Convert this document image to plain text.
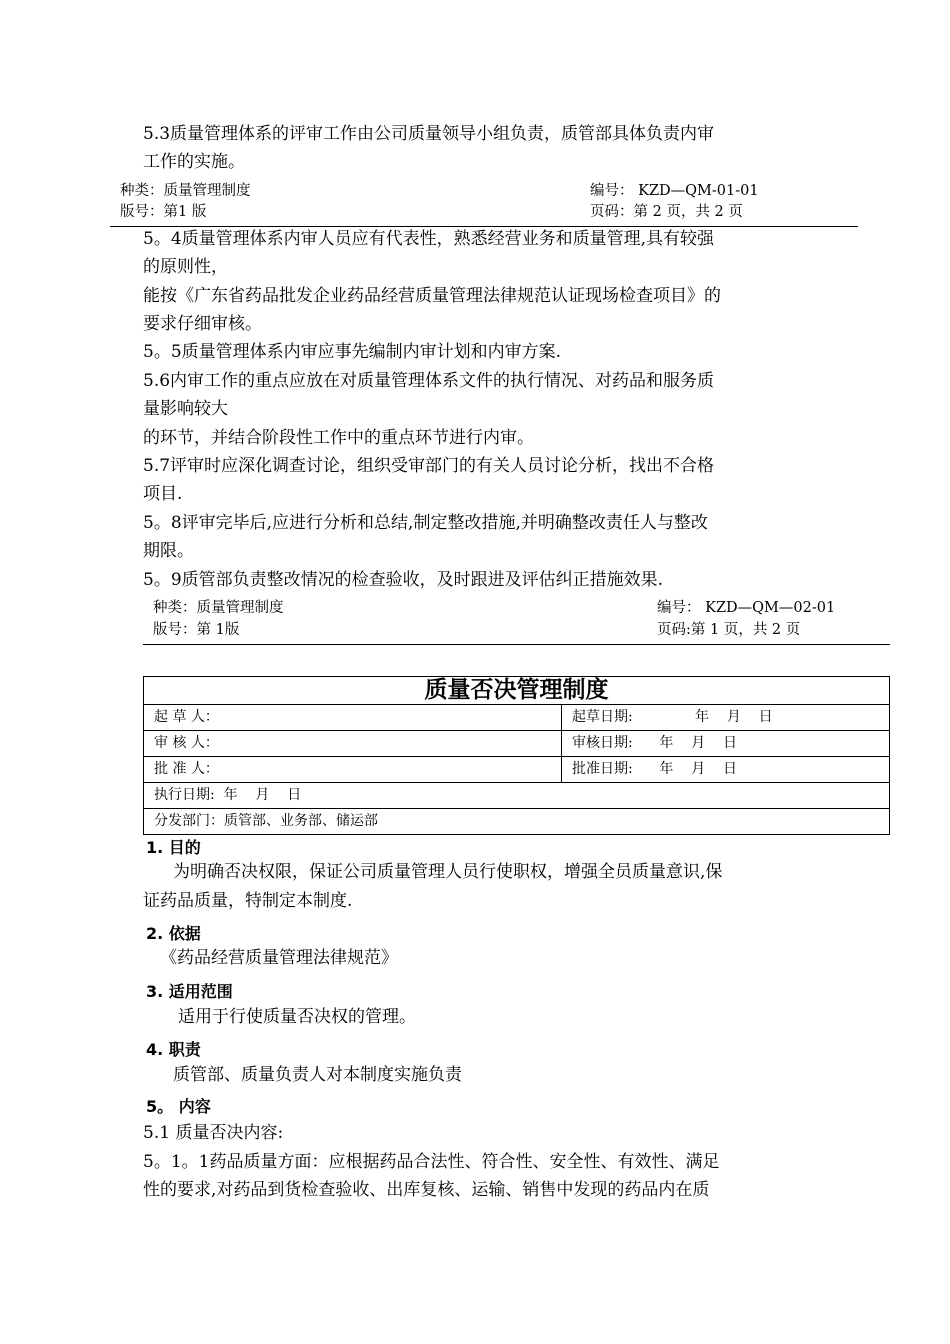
5.3质量管理体系的评审工作由公司质量领导小组负责，质管部具体负责内审
工作的实施。
种类：质量管理制度	编号： KZD—QM-01-01
版号：第1 版	页码：第 2 页，共 2 页
5。4质量管理体系内审人员应有代表性，熟悉经营业务和质量管理,具有较强
的原则性，
能按《广东省药品批发企业药品经营质量管理法律规范认证现场检查项目》的
要求仔细审核。
5。5质量管理体系内审应事先编制内审计划和内审方案.
5.6内审工作的重点应放在对质量管理体系文件的执行情况、对药品和服务质
量影响较大
的环节，并结合阶段性工作中的重点环节进行内审。
5.7评审时应深化调查讨论，组织受审部门的有关人员讨论分析，找出不合格
项目.
5。8评审完毕后,应进行分析和总结,制定整改措施,并明确整改责任人与整改
期限。
5。9质管部负责整改情况的检查验收，及时跟进及评估纠正措施效果.
种类：质量管理制度	编号： KZD—QM—02-01
版号：第 1版	页码:第 1 页，共 2 页
质量否决管理制度	
起 草 人：	起草日期:              年    月    日
审 核 人：	审核日期:      年    月    日
批 准 人：	批准日期:      年    月    日
执行日期:  年    月    日	
分发部门：质管部、业务部、储运部	
1. 目的
为明确否决权限，保证公司质量管理人员行使职权，增强全员质量意识,保
证药品质量，特制定本制度.
2. 依据
《药品经营质量管理法律规范》
3. 适用范围
适用于行使质量否决权的管理。
4. 职责
质管部、质量负责人对本制度实施负责
5。 内容
5.1 质量否决内容:
5。1。1药品质量方面：应根据药品合法性、符合性、安全性、有效性、满足
性的要求,对药品到货检查验收、出库复核、运输、销售中发现的药品内在质
